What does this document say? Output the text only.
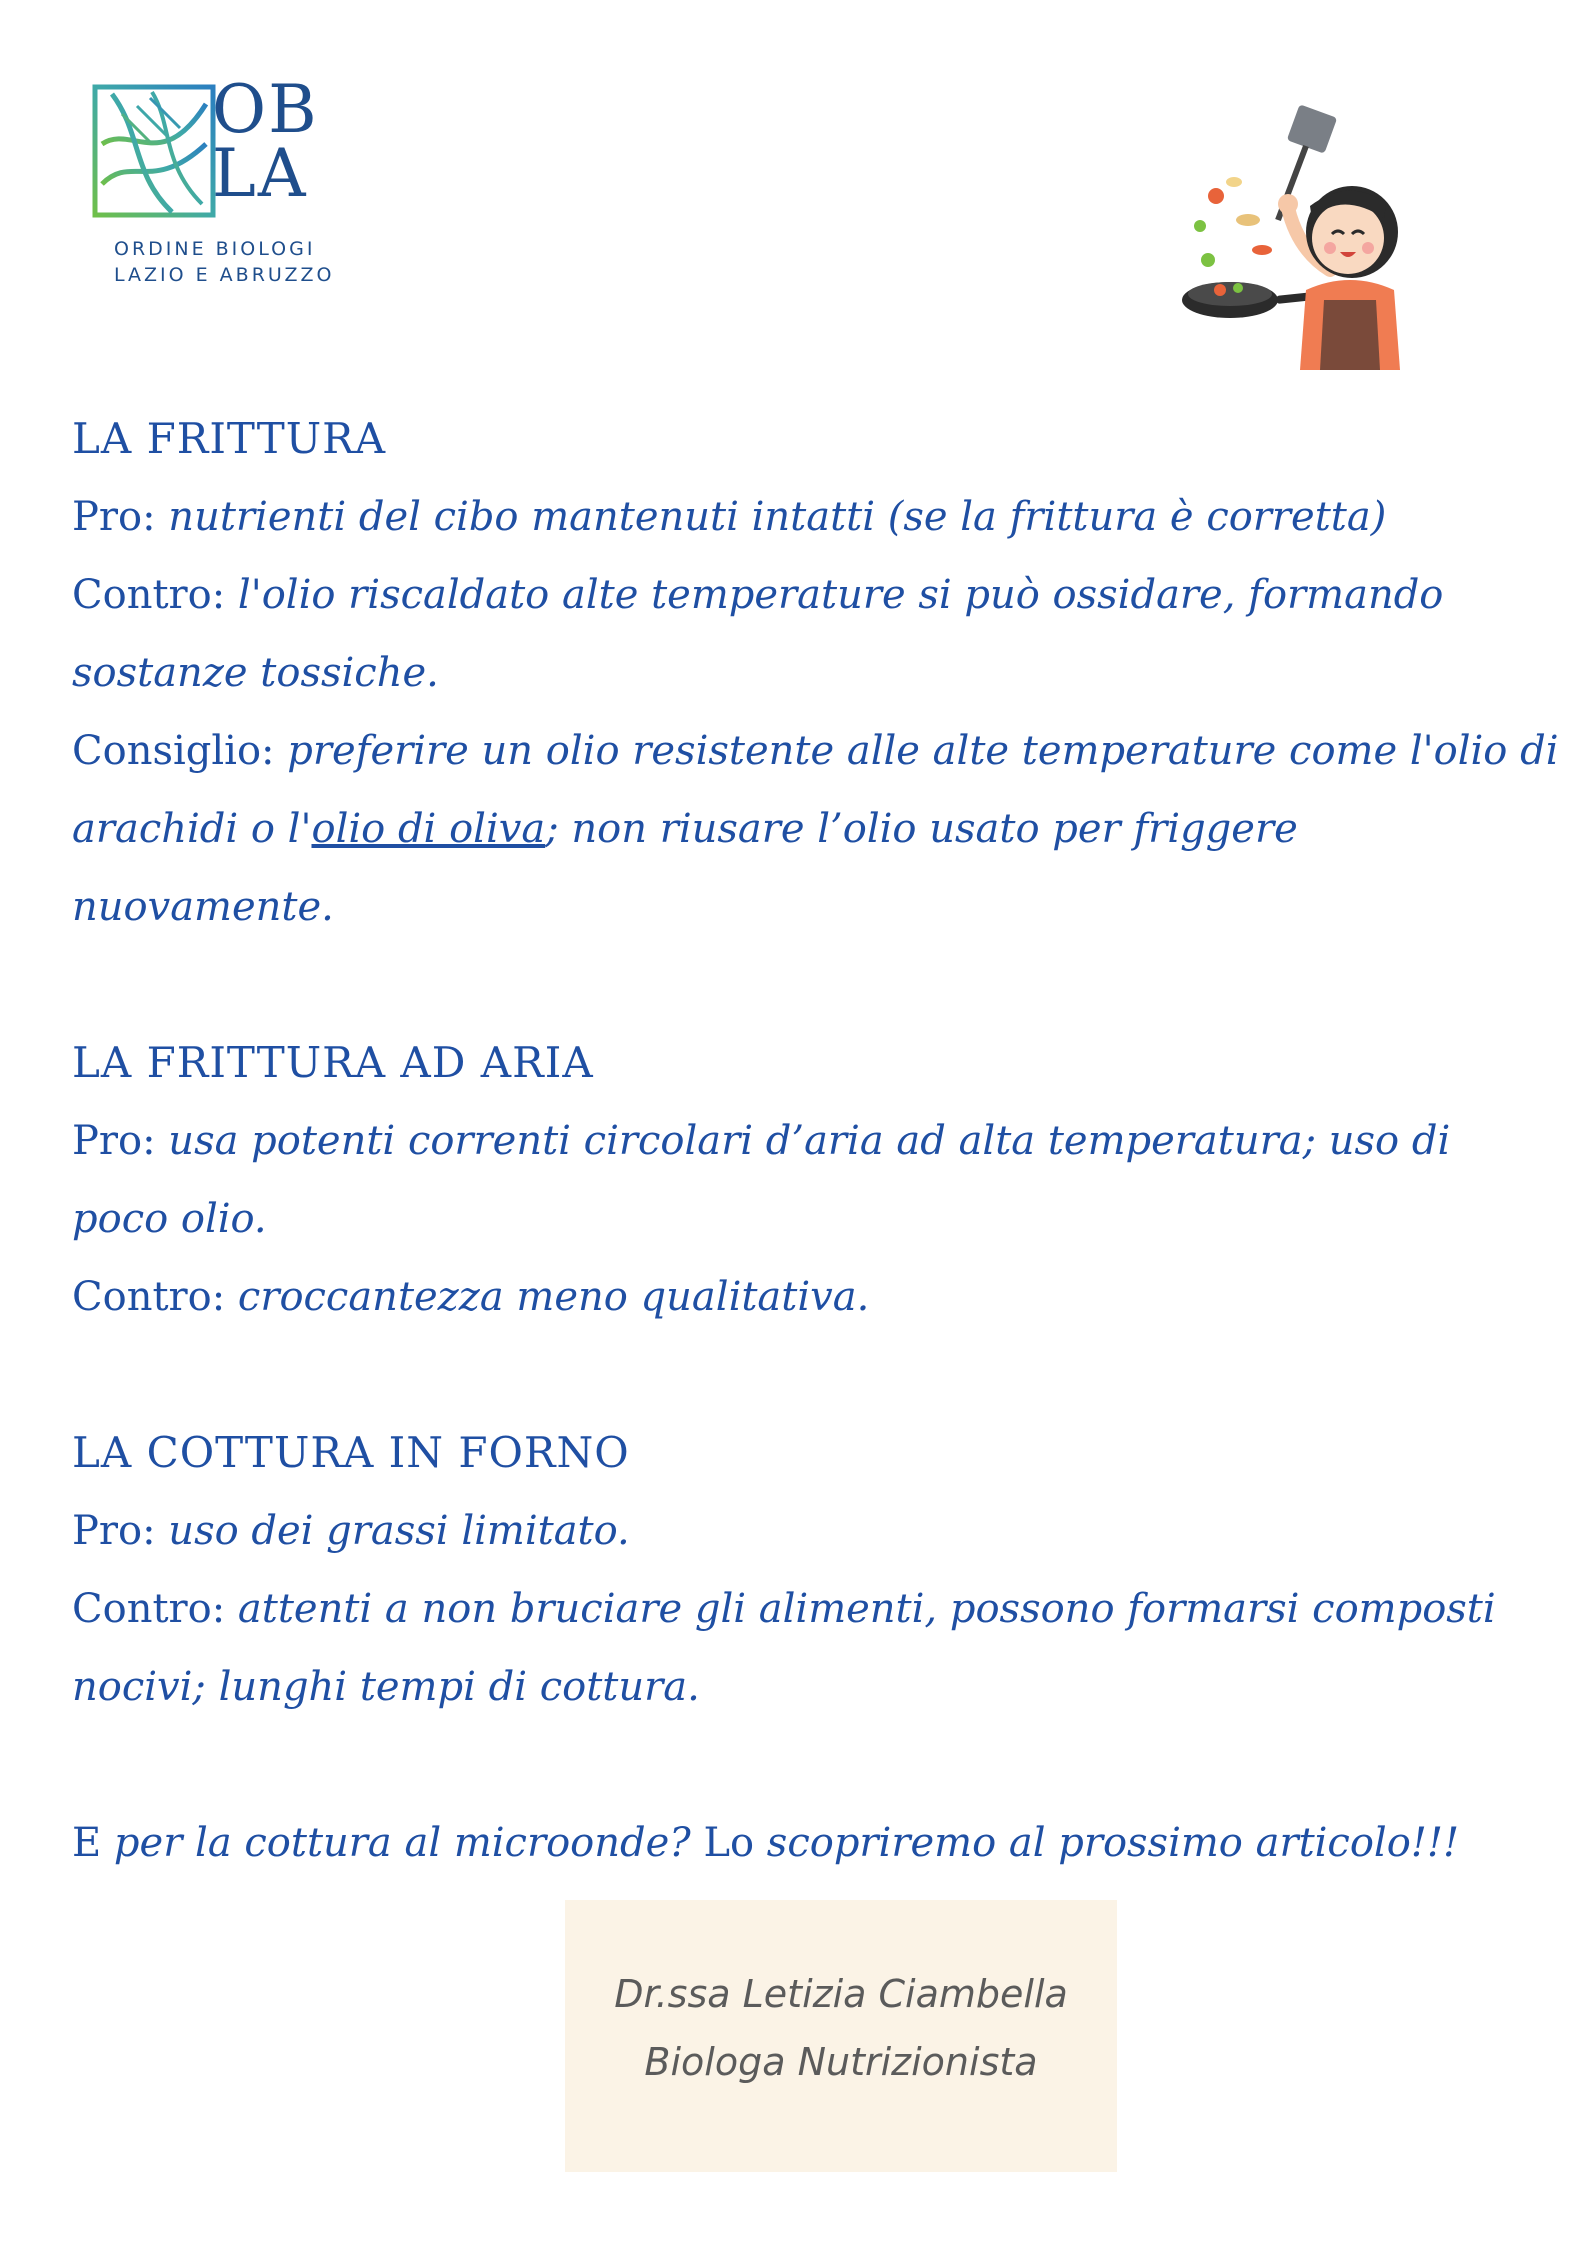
OB
LA
ORDINE BIOLOGI
LAZIO E ABRUZZO
LA FRITTURA
Pro: nutrienti del cibo mantenuti intatti (se la frittura è corretta)
Contro: l'olio riscaldato alte temperature si può ossidare, formando
sostanze tossiche.
Consiglio: preferire un olio resistente alle alte temperature come l'olio di
arachidi o l'olio di oliva; non riusare l’olio usato per friggere
nuovamente.
LA FRITTURA AD ARIA
Pro: usa potenti correnti circolari d’aria ad alta temperatura; uso di
poco olio.
Contro: croccantezza meno qualitativa.
LA COTTURA IN FORNO
Pro: uso dei grassi limitato.
Contro: attenti a non bruciare gli alimenti, possono formarsi composti
nocivi; lunghi tempi di cottura.
E per la cottura al microonde? Lo scopriremo al prossimo articolo!!!
Dr.ssa Letizia Ciambella
Biologa Nutrizionista
